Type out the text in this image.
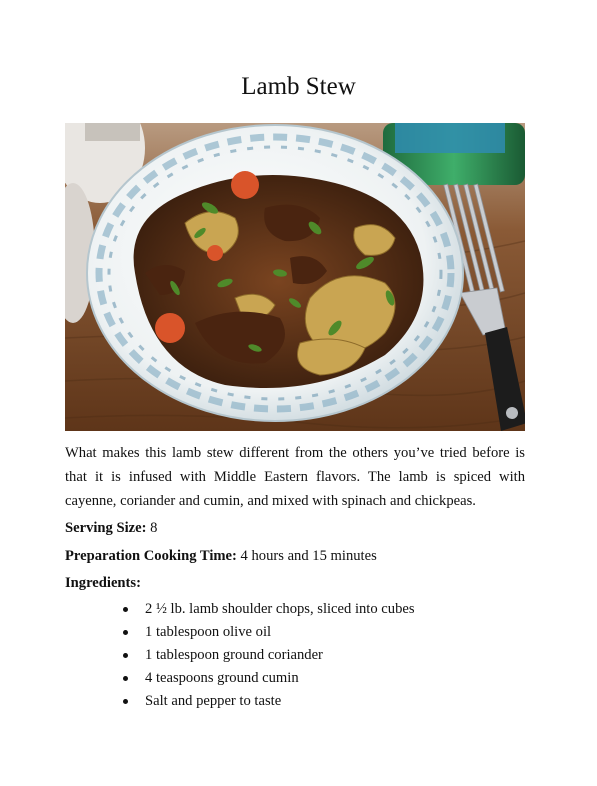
Lamb Stew

What makes this lamb stew different from the others you’ve tried before is that it is infused with Middle Eastern flavors. The lamb is spiced with cayenne, coriander and cumin, and mixed with spinach and chickpeas.

Serving Size: 8

Preparation Cooking Time: 4 hours and 15 minutes

Ingredients:

2 ½ lb. lamb shoulder chops, sliced into cubes
1 tablespoon olive oil
1 tablespoon ground coriander
4 teaspoons ground cumin
Salt and pepper to taste
